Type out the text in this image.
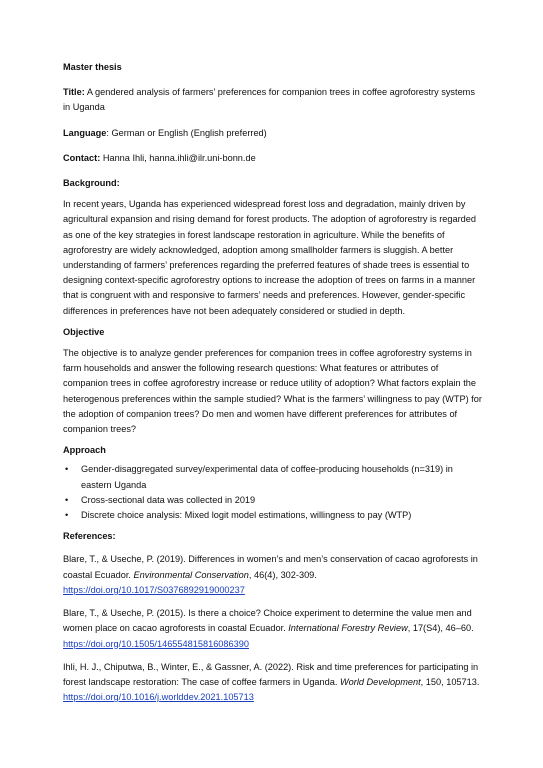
Master thesis

Title: A gendered analysis of farmers’ preferences for companion trees in coffee agroforestry systems in Uganda

Language: German or English (English preferred)

Contact: Hanna Ihli, hanna.ihli@ilr.uni-bonn.de

Background:

In recent years, Uganda has experienced widespread forest loss and degradation, mainly driven by agricultural expansion and rising demand for forest products. The adoption of agroforestry is regarded as one of the key strategies in forest landscape restoration in agriculture. While the benefits of agroforestry are widely acknowledged, adoption among smallholder farmers is sluggish. A better understanding of farmers’ preferences regarding the preferred features of shade trees is essential to designing context-specific agroforestry options to increase the adoption of trees on farms in a manner that is congruent with and responsive to farmers’ needs and preferences. However, gender-specific differences in preferences have not been adequately considered or studied in depth.

Objective

The objective is to analyze gender preferences for companion trees in coffee agroforestry systems in farm households and answer the following research questions: What features or attributes of companion trees in coffee agroforestry increase or reduce utility of adoption? What factors explain the heterogenous preferences within the sample studied? What is the farmers’ willingness to pay (WTP) for the adoption of companion trees? Do men and women have different preferences for attributes of companion trees?

Approach

• Gender-disaggregated survey/experimental data of coffee-producing households (n=319) in eastern Uganda
• Cross-sectional data was collected in 2019
• Discrete choice analysis: Mixed logit model estimations, willingness to pay (WTP)

References:

Blare, T., & Useche, P. (2019). Differences in women’s and men’s conservation of cacao agroforests in coastal Ecuador. Environmental Conservation, 46(4), 302-309.
https://doi.org/10.1017/S0376892919000237

Blare, T., & Useche, P. (2015). Is there a choice? Choice experiment to determine the value men and women place on cacao agroforests in coastal Ecuador. International Forestry Review, 17(S4), 46–60.
https://doi.org/10.1505/146554815816086390

Ihli, H. J., Chiputwa, B., Winter, E., & Gassner, A. (2022). Risk and time preferences for participating in forest landscape restoration: The case of coffee farmers in Uganda. World Development, 150, 105713. https://doi.org/10.1016/j.worlddev.2021.105713
